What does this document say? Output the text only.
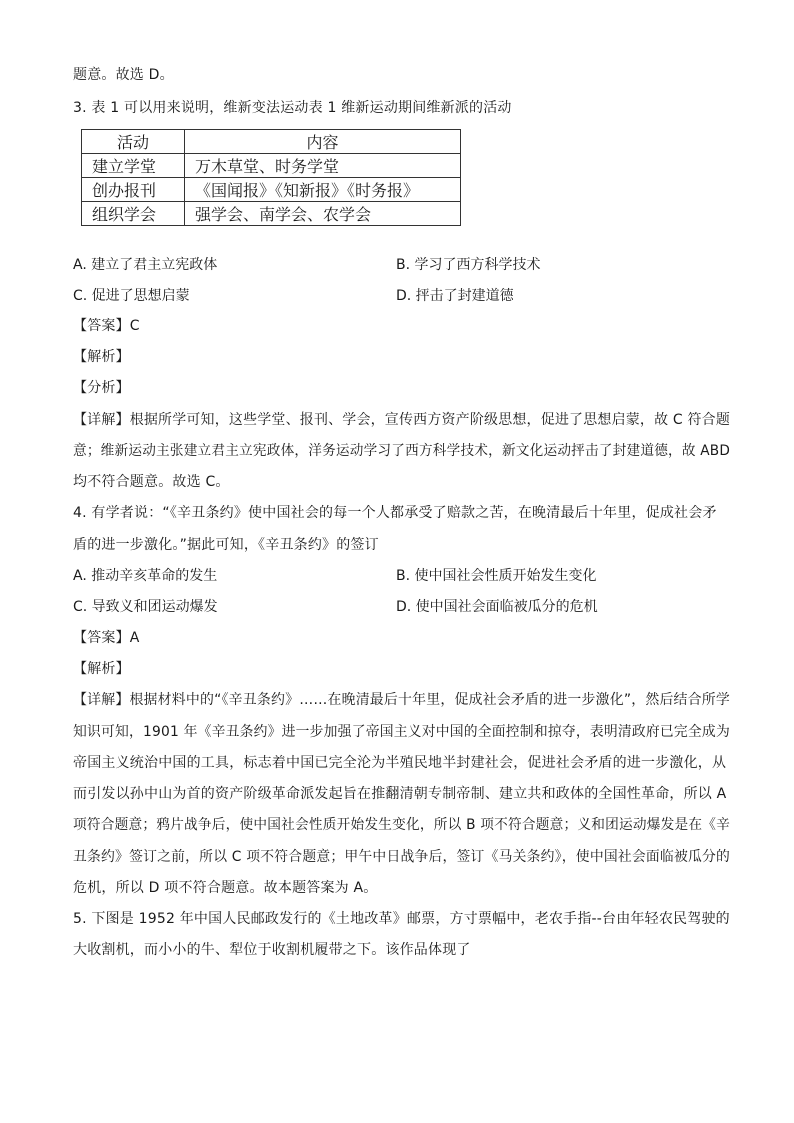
题意。故选 D。
3. 表 1 可以用来说明，维新变法运动表 1 维新运动期间维新派的活动
活动	内容
建立学堂	万木草堂、时务学堂
创办报刊	《国闻报》《知新报》《时务报》
组织学会	强学会、南学会、农学会
A. 建立了君主立宪政体	B. 学习了西方科学技术
C. 促进了思想启蒙	D. 抨击了封建道德
【答案】C
【解析】
【分析】
【详解】根据所学可知，这些学堂、报刊、学会，宣传西方资产阶级思想，促进了思想启蒙，故 C 符合题
意；维新运动主张建立君主立宪政体，洋务运动学习了西方科学技术，新文化运动抨击了封建道德，故 ABD
均不符合题意。故选 C。
4. 有学者说：“《辛丑条约》使中国社会的每一个人都承受了赔款之苦，在晚清最后十年里，促成社会矛
盾的进一步激化。”据此可知，《辛丑条约》的签订
A. 推动辛亥革命的发生	B. 使中国社会性质开始发生变化
C. 导致义和团运动爆发	D. 使中国社会面临被瓜分的危机
【答案】A
【解析】
【详解】根据材料中的“《辛丑条约》……在晚清最后十年里，促成社会矛盾的进一步激化”，然后结合所学
知识可知，1901 年《辛丑条约》进一步加强了帝国主义对中国的全面控制和掠夺，表明清政府已完全成为
帝国主义统治中国的工具，标志着中国已完全沦为半殖民地半封建社会，促进社会矛盾的进一步激化，从
而引发以孙中山为首的资产阶级革命派发起旨在推翻清朝专制帝制、建立共和政体的全国性革命，所以 A
项符合题意；鸦片战争后，使中国社会性质开始发生变化，所以 B 项不符合题意；义和团运动爆发是在《辛
丑条约》签订之前，所以 C 项不符合题意；甲午中日战争后，签订《马关条约》，使中国社会面临被瓜分的
危机，所以 D 项不符合题意。故本题答案为 A。
5. 下图是 1952 年中国人民邮政发行的《土地改革》邮票，方寸票幅中，老农手指--台由年轻农民驾驶的
大收割机，而小小的牛、犁位于收割机履带之下。该作品体现了
